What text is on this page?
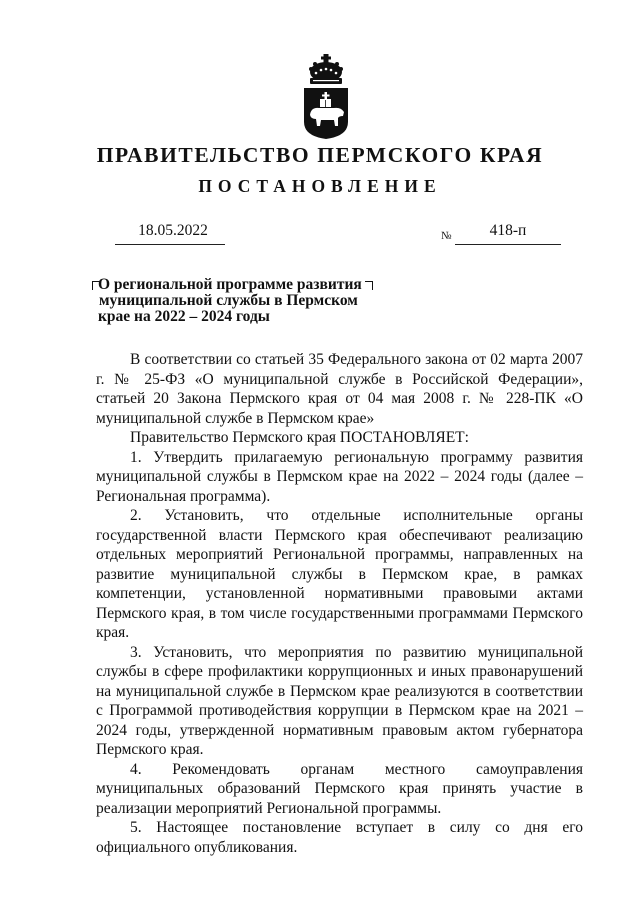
ПРАВИТЕЛЬСТВО ПЕРМСКОГО КРАЯ
ПОСТАНОВЛЕНИЕ
18.05.2022	№	418-п
О региональной программе развития
муниципальной службы в Пермском
крае на 2022 – 2024 годы

В соответствии со статьей 35 Федерального закона от 02 марта 2007 г. № 25-ФЗ «О муниципальной службе в Российской Федерации», статьей 20 Закона Пермского края от 04 мая 2008 г. № 228-ПК «О муниципальной службе в Пермском крае»

Правительство Пермского края ПОСТАНОВЛЯЕТ:

1. Утвердить прилагаемую региональную программу развития муниципальной службы в Пермском крае на 2022 – 2024 годы (далее – Региональная программа).

2. Установить, что отдельные исполнительные органы государственной власти Пермского края обеспечивают реализацию отдельных мероприятий Региональной программы, направленных на развитие муниципальной службы в Пермском крае, в рамках компетенции, установленной нормативными правовыми актами Пермского края, в том числе государственными программами Пермского края.

3. Установить, что мероприятия по развитию муниципальной службы в сфере профилактики коррупционных и иных правонарушений на муниципальной службе в Пермском крае реализуются в соответствии с Программой противодействия коррупции в Пермском крае на 2021 – 2024 годы, утвержденной нормативным правовым актом губернатора Пермского края.

4. Рекомендовать органам местного самоуправления муниципальных образований Пермского края принять участие в реализации мероприятий Региональной программы.

5. Настоящее постановление вступает в силу со дня его официального опубликования.
